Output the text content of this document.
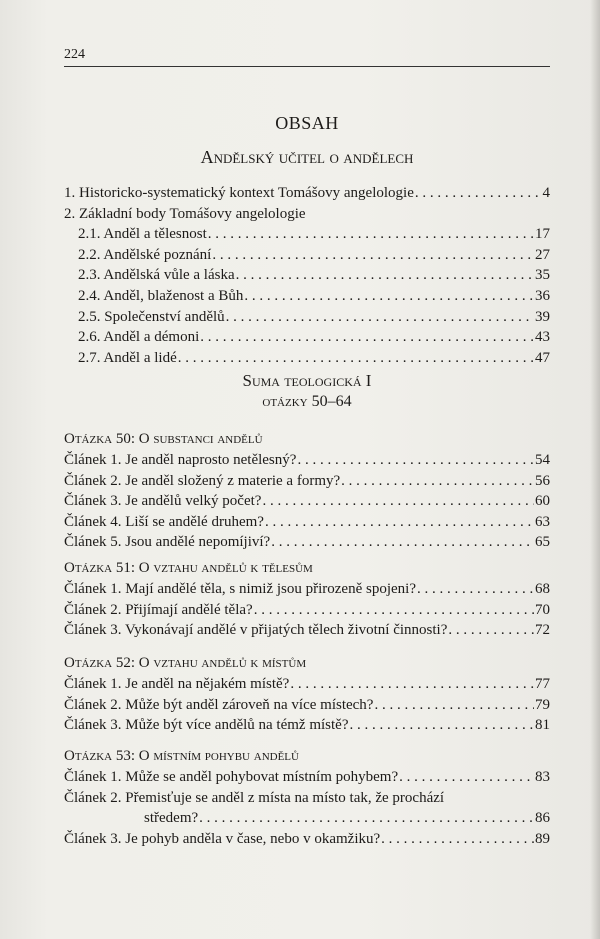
224
OBSAH
Andělský učitel o andělech
1. Historicko-systematický kontext Tomášovy angelologie . . .	4
2. Základní body Tomášovy angelologie
2.1. Anděl a tělesnost . . .	17
2.2. Andělské poznání . . .	27
2.3. Andělská vůle a láska . . .	35
2.4. Anděl, blaženost a Bůh . . .	36
2.5. Společenství andělů . . .	39
2.6. Anděl a démoni . . .	43
2.7. Anděl a lidé . . .	47
Suma teologická I
otázky 50–64
Otázka 50: O substanci andělů
Článek 1. Je anděl naprosto netělesný? . . .	54
Článek 2. Je anděl složený z materie a formy? . . .	56
Článek 3. Je andělů velký počet? . . .	60
Článek 4. Liší se andělé druhem? . . .	63
Článek 5. Jsou andělé nepomíjiví? . . .	65
Otázka 51: O vztahu andělů k tělesům
Článek 1. Mají andělé těla, s nimiž jsou přirozeně spojeni? . . .	68
Článek 2. Přijímají andělé těla? . . .	70
Článek 3. Vykonávají andělé v přijatých tělech životní činnosti? . . .	72
Otázka 52: O vztahu andělů k místům
Článek 1. Je anděl na nějakém místě? . . .	77
Článek 2. Může být anděl zároveň na více místech? . . .	79
Článek 3. Může být více andělů na témž místě? . . .	81
Otázka 53: O místním pohybu andělů
Článek 1. Může se anděl pohybovat místním pohybem? . . .	83
Článek 2. Přemisťuje se anděl z místa na místo tak, že prochází
středem? . . .	86
Článek 3. Je pohyb anděla v čase, nebo v okamžiku? . . .	89
